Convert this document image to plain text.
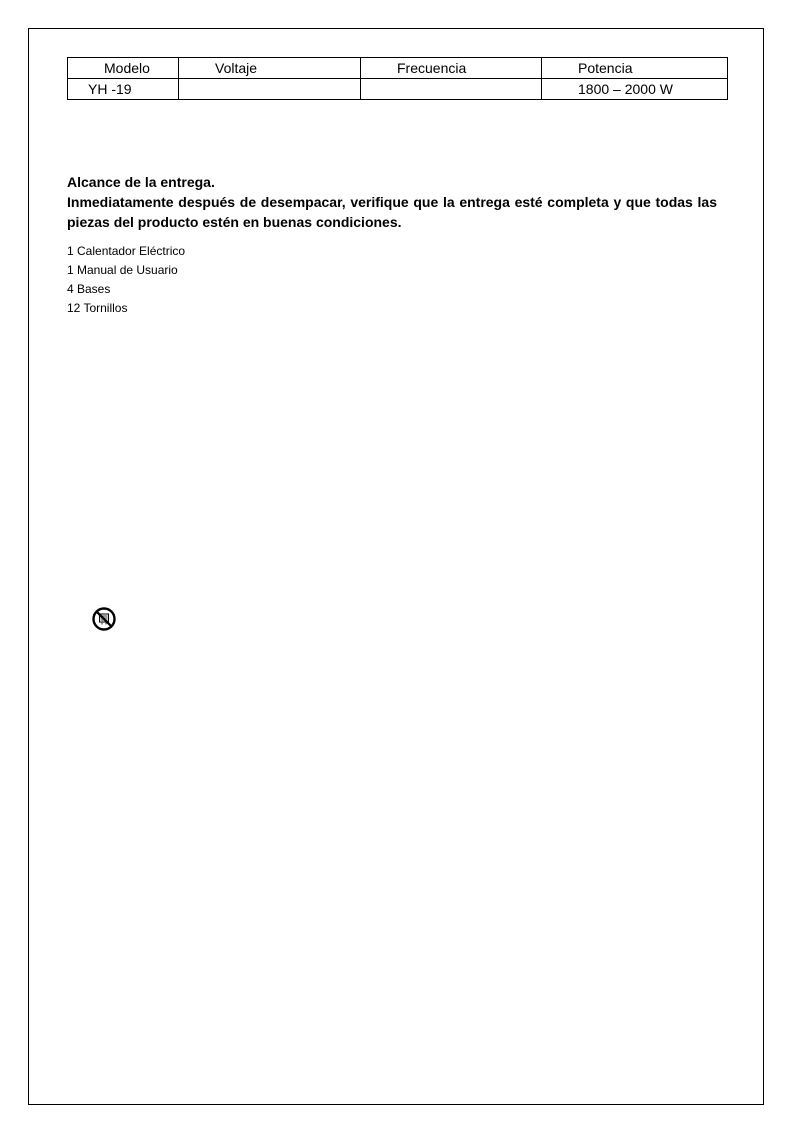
Modelo	Voltaje	Frecuencia	Potencia
YH -19			1800 – 2000 W

Alcance de la entrega.

Inmediatamente después de desempacar, verifique que la entrega esté completa y que todas las piezas del producto estén en buenas condiciones.

1 Calentador Eléctrico
1 Manual de Usuario
4 Bases
12 Tornillos
